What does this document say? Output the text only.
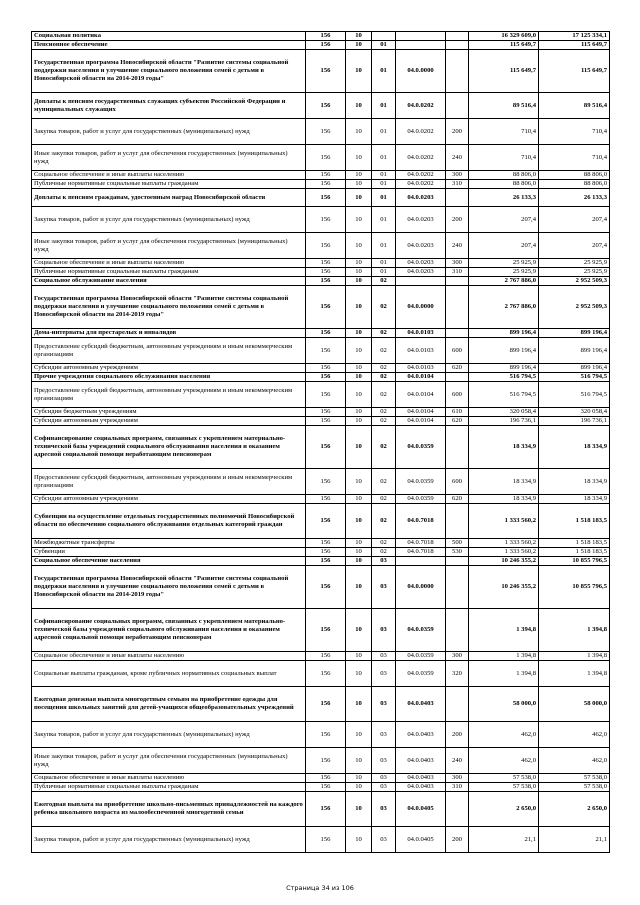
Социальная политика	156	10				16 329 609,0	17 125 334,1
Пенсионное обеспечение	156	10	01			115 649,7	115 649,7
Государственная программа Новосибирской области "Развитие системы социальной поддержки населения и улучшение социального положения семей с детьми в Новосибирской области на 2014-2019 годы"	156	10	01	04.0.0000		115 649,7	115 649,7
Доплаты к пенсиям государственных служащих субъектов Российской Федерации и муниципальных служащих	156	10	01	04.0.0202		89 516,4	89 516,4
Закупка товаров, работ и услуг для государственных (муниципальных) нужд	156	10	01	04.0.0202	200	710,4	710,4
Иные закупки товаров, работ и услуг для обеспечения государственных (муниципальных) нужд	156	10	01	04.0.0202	240	710,4	710,4
Социальное обеспечение и иные выплаты населению	156	10	01	04.0.0202	300	88 806,0	88 806,0
Публичные нормативные социальные выплаты гражданам	156	10	01	04.0.0202	310	88 806,0	88 806,0
Доплаты к пенсиям гражданам, удостоенным наград Новосибирской области	156	10	01	04.0.0203		26 133,3	26 133,3
Закупка товаров, работ и услуг для государственных (муниципальных) нужд	156	10	01	04.0.0203	200	207,4	207,4
Иные закупки товаров, работ и услуг для обеспечения государственных (муниципальных) нужд	156	10	01	04.0.0203	240	207,4	207,4
Социальное обеспечение и иные выплаты населению	156	10	01	04.0.0203	300	25 925,9	25 925,9
Публичные нормативные социальные выплаты гражданам	156	10	01	04.0.0203	310	25 925,9	25 925,9
Социальное обслуживание населения	156	10	02			2 767 886,0	2 952 509,3
Государственная программа Новосибирской области "Развитие системы социальной поддержки населения и улучшение социального положения семей с детьми в Новосибирской области на 2014-2019 годы"	156	10	02	04.0.0000		2 767 886,0	2 952 509,3
Дома-интернаты для престарелых и инвалидов	156	10	02	04.0.0103		899 196,4	899 196,4
Предоставление субсидий бюджетным, автономным учреждениям и иным некоммерческим организациям	156	10	02	04.0.0103	600	899 196,4	899 196,4
Субсидии автономным учреждениям	156	10	02	04.0.0103	620	899 196,4	899 196,4
Прочие учреждения социального обслуживания населения	156	10	02	04.0.0104		516 794,5	516 794,5
Предоставление субсидий бюджетным, автономным учреждениям и иным некоммерческим организациям	156	10	02	04.0.0104	600	516 794,5	516 794,5
Субсидии бюджетным учреждениям	156	10	02	04.0.0104	610	320 058,4	320 058,4
Субсидии автономным учреждениям	156	10	02	04.0.0104	620	196 736,1	196 736,1
Софинансирование социальных программ, связанных с укреплением материально-технической базы учреждений социального обслуживания населения и оказанием адресной социальной помощи неработающим пенсионерам	156	10	02	04.0.0359		18 334,9	18 334,9
Предоставление субсидий бюджетным, автономным учреждениям и иным некоммерческим организациям	156	10	02	04.0.0359	600	18 334,9	18 334,9
Субсидии автономным учреждениям	156	10	02	04.0.0359	620	18 334,9	18 334,9
Субвенции на осуществление отдельных государственных полномочий Новосибирской области по обеспечению социального обслуживания отдельных категорий граждан	156	10	02	04.0.7018		1 333 560,2	1 518 183,5
Межбюджетные трансферты	156	10	02	04.0.7018	500	1 333 560,2	1 518 183,5
Субвенции	156	10	02	04.0.7018	530	1 333 560,2	1 518 183,5
Социальное обеспечение населения	156	10	03			10 246 355,2	10 855 796,5
Государственная программа Новосибирской области "Развитие системы социальной поддержки населения и улучшение социального положения семей с детьми в Новосибирской области на 2014-2019 годы"	156	10	03	04.0.0000		10 246 355,2	10 855 796,5
Софинансирование социальных программ, связанных с укреплением материально-технической базы учреждений социального обслуживания населения и оказанием адресной социальной помощи неработающим пенсионерам	156	10	03	04.0.0359		1 394,8	1 394,8
Социальное обеспечение и иные выплаты населению	156	10	03	04.0.0359	300	1 394,8	1 394,8
Социальные выплаты гражданам, кроме публичных нормативных социальных выплат	156	10	03	04.0.0359	320	1 394,8	1 394,8
Ежегодная денежная выплата многодетным семьям на приобретение одежды для посещения школьных занятий для детей-учащихся общеобразовательных учреждений	156	10	03	04.0.0403		58 000,0	58 000,0
Закупка товаров, работ и услуг для государственных (муниципальных) нужд	156	10	03	04.0.0403	200	462,0	462,0
Иные закупки товаров, работ и услуг для обеспечения государственных (муниципальных) нужд	156	10	03	04.0.0403	240	462,0	462,0
Социальное обеспечение и иные выплаты населению	156	10	03	04.0.0403	300	57 538,0	57 538,0
Публичные нормативные социальные выплаты гражданам	156	10	03	04.0.0403	310	57 538,0	57 538,0
Ежегодная выплата на приобретение школьно-письменных принадлежностей на каждого ребенка школьного возраста из малообеспеченной многодетной семьи	156	10	03	04.0.0405		2 650,0	2 650,0
Закупка товаров, работ и услуг для государственных (муниципальных) нужд	156	10	03	04.0.0405	200	21,1	21,1
Страница 34 из 106
